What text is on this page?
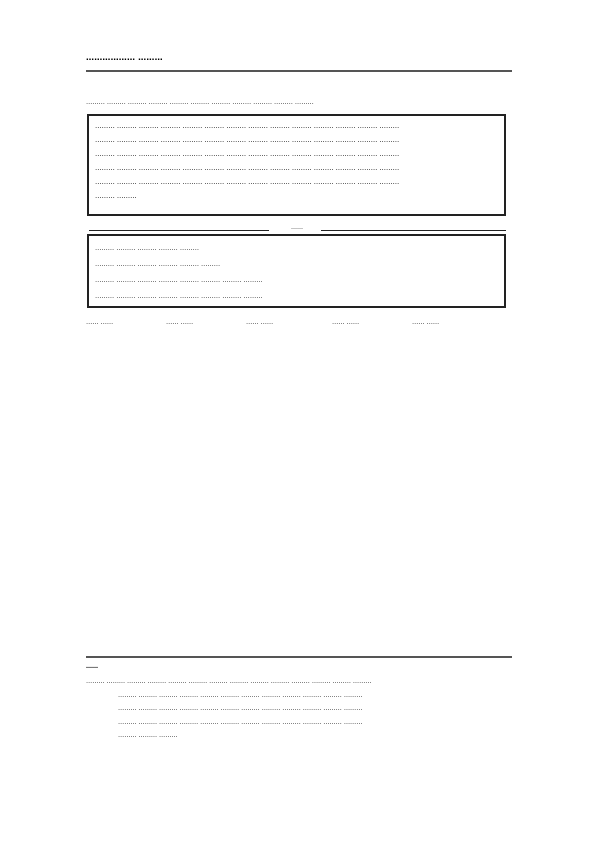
……………… ………
……… ……… ……… ……… ……… ……… ……… ……… ……… ……… ………
……… ……… ……… ……… ……… ……… ……… ……… ……… ……… ……… ……… ……… ………
……… ……… ……… ……… ……… ……… ……… ……… ……… ……… ……… ……… ……… ………
……… ……… ……… ……… ……… ……… ……… ……… ……… ……… ……… ……… ……… ………
……… ……… ……… ……… ……… ……… ……… ……… ……… ……… ……… ……… ……… ………
……… ……… ……… ……… ……… ……… ……… ……… ……… ……… ……… ……… ……… ………
……… ………
……
……… ……… ……… ……… ………
……… ……… ……… ……… ……… ………
……… ……… ……… ……… ……… ……… ……… ………
……… ……… ……… ……… ……… ……… ……… ………
…… ……	…… ……	…… ……	…… ……	…… ……
……
……… ……… ……… ……… ……… ……… ……… ……… ……… ……… ……… ……… ……… ………
……… ……… ……… ……… ……… ……… ……… ……… ……… ……… ……… ………
……… ……… ……… ……… ……… ……… ……… ……… ……… ……… ……… ………
……… ……… ……… ……… ……… ……… ……… ……… ……… ……… ……… ………
……… ……… ………
